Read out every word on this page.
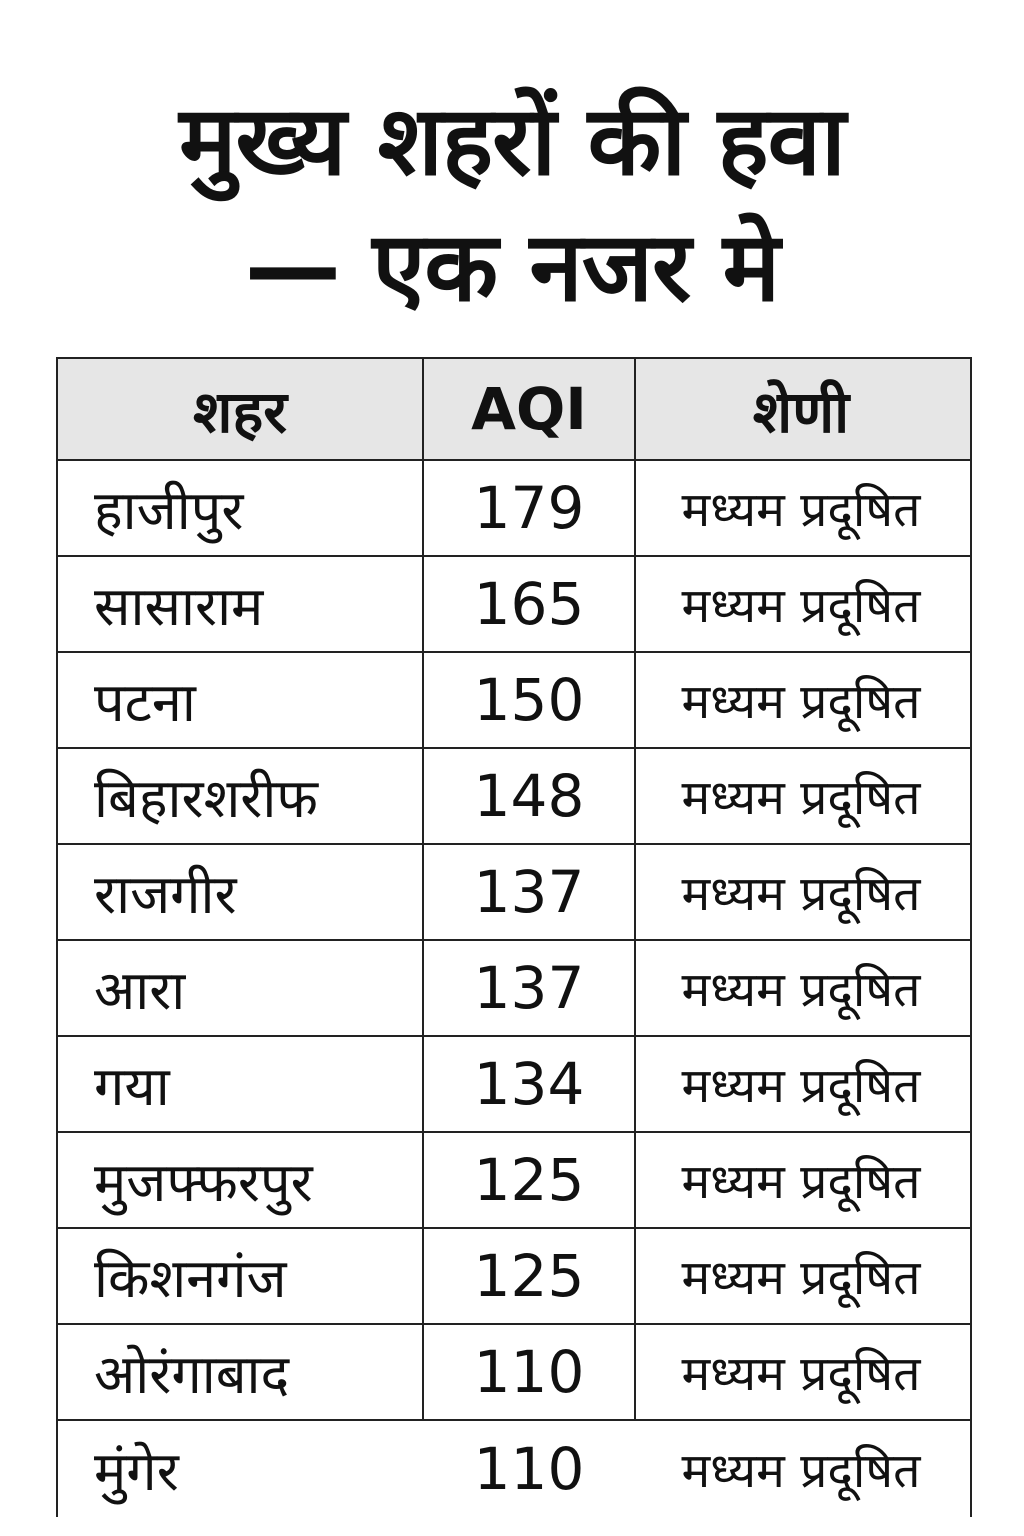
मुख्य शहरों की हवा
— एक नजर मे
शहर	AQI	शेणी
हाजीपुर	179	मध्यम प्रदूषित
सासाराम	165	मध्यम प्रदूषित
पटना	150	मध्यम प्रदूषित
बिहारशरीफ	148	मध्यम प्रदूषित
राजगीर	137	मध्यम प्रदूषित
आरा	137	मध्यम प्रदूषित
गया	134	मध्यम प्रदूषित
मुजफ्फरपुर	125	मध्यम प्रदूषित
किशनगंज	125	मध्यम प्रदूषित
ओरंगाबाद	110	मध्यम प्रदूषित
मुंगेर	110	मध्यम प्रदूषित
